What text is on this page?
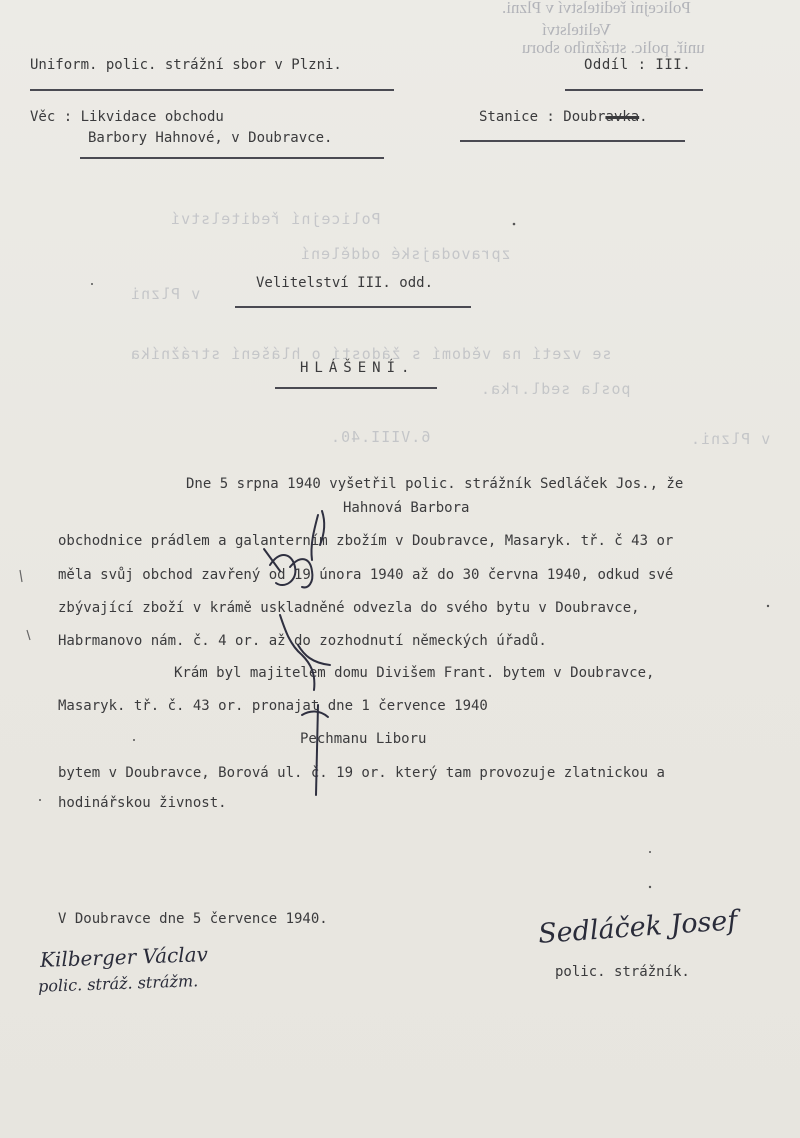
Policejní ředitelství v Plzni.
Velitelství
uniř. polic. strážního sboru
Policejní ředitelství
zpravodajské oddělení
v Plzni
se vzetí na vědomí s žádostí o hlášení strážníka
posla sedl.rka.
v Plzni.
6.VIII.40.
Uniform. polic. strážní sbor v Plzni.	Oddíl : III.
Věc : Likvidace obchodu
Barbory Hahnové, v Doubravce.
Stanice : Doubravka.
Velitelství III. odd.
HLÁŠENÍ.
Dne 5 srpna 1940 vyšetřil polic. strážník Sedláček Jos., že
Hahnová Barbora
obchodnice prádlem a galanterním zbožím v Doubravce, Masaryk. tř. č 43 or
měla svůj obchod zavřený od 19 února 1940 až do 30 června 1940, odkud své
zbývající zboží v krámě uskladněné odvezla do svého bytu v Doubravce,
Habrmanovo nám. č. 4 or. až do zozhodnutí německých úřadů.
Krám byl majitelem domu Divišem Frant. bytem v Doubravce,
Masaryk. tř. č. 43 or. pronajat dne 1 července 1940
Pechmanu Liboru
bytem v Doubravce, Borová ul. č. 19 or. který tam provozuje zlatnickou a
hodinářskou živnost.
V Doubravce dne 5 července 1940.	Sedláček Josef
polic. strážník.
Kilberger Václav
polic. stráž. strážm.
